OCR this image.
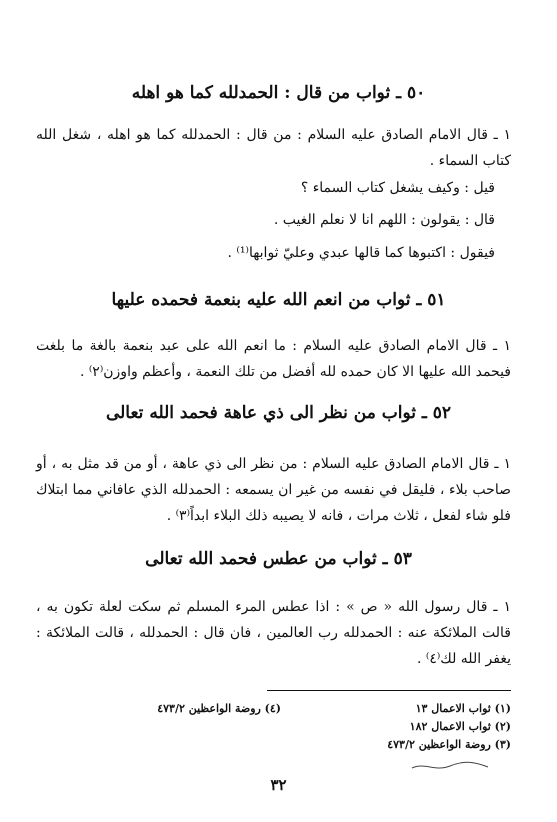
٥٠ ـ ثواب من قال : الحمدلله كما هو اهله

١ ـ قال الامام الصادق عليه السلام : من قال : الحمدلله كما هو اهله ، شغل الله كتاب السماء .

قيل : وكيف يشغل كتاب السماء ؟
قال : يقولون : اللهم انا لا نعلم الغيب .
فيقول : اكتبوها كما قالها عبدي وعليّ ثوابها⁽¹⁾ .
٥١ ـ ثواب من انعم الله عليه بنعمة فحمده عليها

١ ـ قال الامام الصادق عليه السلام : ما انعم الله على عبد بنعمة بالغة ما بلغت فيحمد الله عليها الا كان حمده لله أفضل من تلك النعمة ، وأعظم واوزن⁽٢⁾ .

٥٢ ـ ثواب من نظر الى ذي عاهة فحمد الله تعالى

١ ـ قال الامام الصادق عليه السلام : من نظر الى ذي عاهة ، أو من قد مثل به ، أو صاحب بلاء ، فليقل في نفسه من غير ان يسمعه : الحمدلله الذي عافاني مما ابتلاك فلو شاء لفعل ، ثلاث مرات ، فانه لا يصيبه ذلك البلاء ابداً⁽٣⁾ .

٥٣ ـ ثواب من عطس فحمد الله تعالى

١ ـ قال رسول الله « ص » : اذا عطس المرء المسلم ثم سكت لعلة تكون به ، قالت الملائكة عنه : الحمدلله رب العالمين ، فان قال : الحمدلله ، قالت الملائكة : يغفر الله لك⁽٤⁾ .

(١) ثواب الاعمال ١٣
(٢) ثواب الاعمال ١٨٢
(٣) روضة الواعظين ٤٧٣/٢
(٤) روضة الواعظين ٤٧٣/٢
٣٢
